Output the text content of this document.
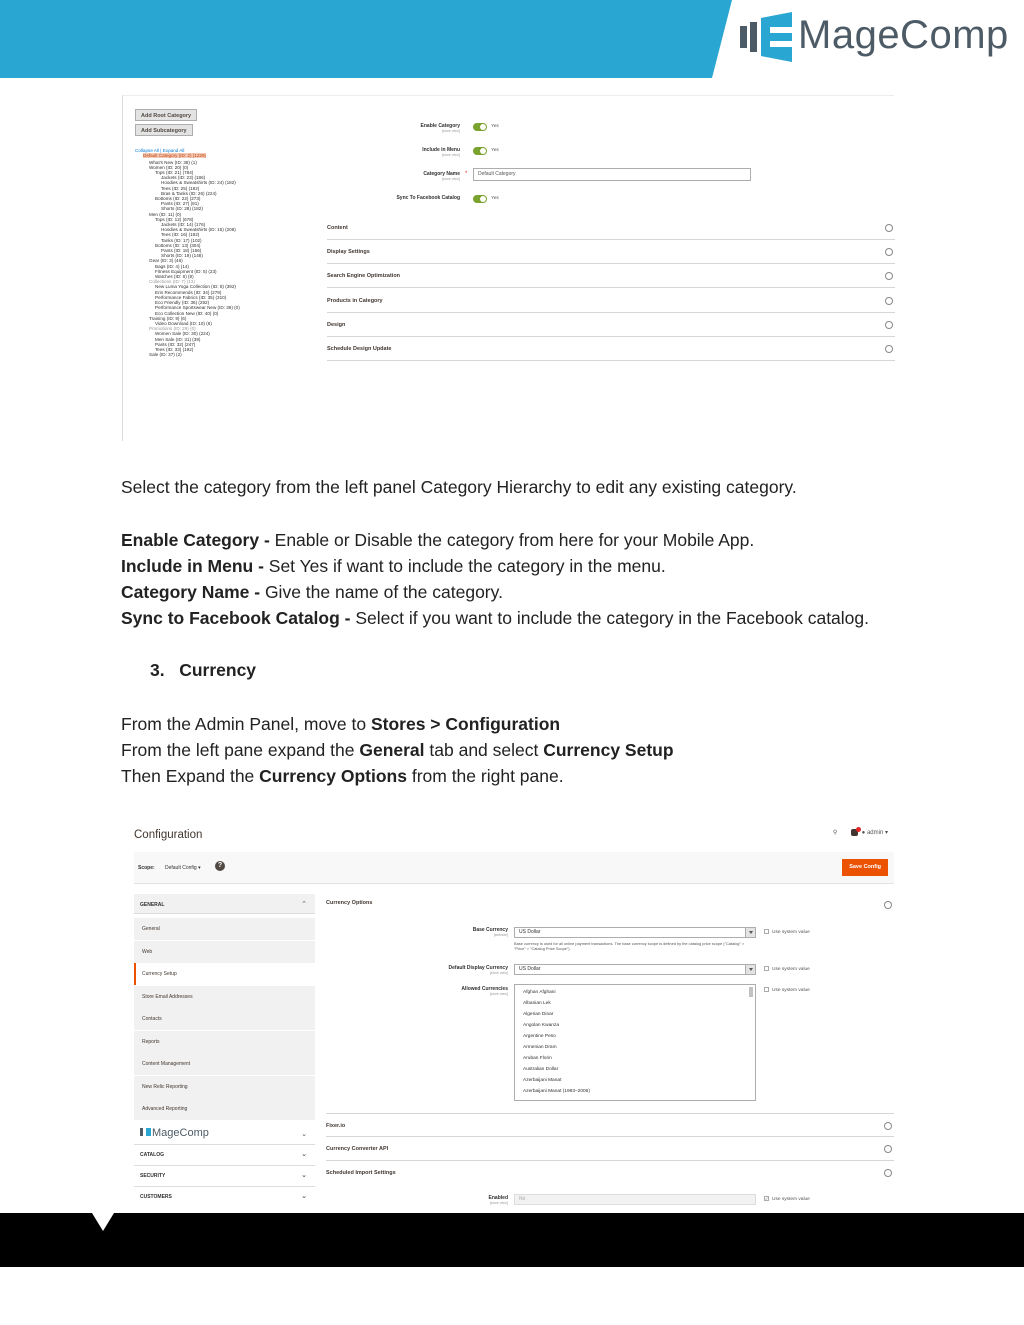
MageComp
Add Root Category
Add Subcategory
Collapse All | Expand All
Default Category (ID: 2) (1229)
What's New (ID: 38) (1)
Women (ID: 20) (0)
Tops (ID: 21) (784)
Jackets (ID: 23) (186)
Hoodies & Sweatshirts (ID: 24) (182)
Tees (ID: 25) (192)
Bras & Tanks (ID: 26) (224)
Bottoms (ID: 22) (273)
Pants (ID: 27) (91)
Shorts (ID: 28) (182)
Men (ID: 11) (0)
Tops (ID: 12) (678)
Jackets (ID: 14) (176)
Hoodies & Sweatshirts (ID: 15) (208)
Tees (ID: 16) (192)
Tanks (ID: 17) (102)
Bottoms (ID: 13) (304)
Pants (ID: 18) (156)
Shorts (ID: 19) (148)
Gear (ID: 3) (46)
Bags (ID: 4) (14)
Fitness Equipment (ID: 5) (23)
Watches (ID: 6) (9)
Collections (ID: 7) (13)
New Luma Yoga Collection (ID: 8) (392)
Erin Recommends (ID: 34) (279)
Performance Fabrics (ID: 35) (310)
Eco Friendly (ID: 36) (292)
Performance Sportswear New (ID: 39) (0)
Eco Collection New (ID: 40) (0)
Training (ID: 9) (6)
Video Download (ID: 10) (6)
Promotions (ID: 29) (0)
Women Sale (ID: 30) (224)
Men Sale (ID: 31) (39)
Pants (ID: 32) (247)
Tees (ID: 33) (192)
Sale (ID: 37) (2)
Enable Category
[store view]
Yes
Include in Menu
[store view]
Yes
Category Name
[store view]
*	Default Category
Sync To Facebook Catalog	Yes
Content
Display Settings
Search Engine Optimization
Products in Category
Design
Schedule Design Update
Select the category from the left panel Category Hierarchy to edit any existing category.
Enable Category - Enable or Disable the category from here for your Mobile App.
Include in Menu - Set Yes if want to include the category in the menu.
Category Name - Give the name of the category.
Sync to Facebook Catalog - Select if you want to include the category in the Facebook catalog.
3. Currency
From the Admin Panel, move to Stores > Configuration
From the left pane expand the General tab and select Currency Setup
Then Expand the Currency Options from the right pane.
Configuration	⚲	● admin ▾
Scope: Default Config ▾	?	Save Config
GENERAL	⌃
General
Web
Currency Setup
Store Email Addresses
Contacts
Reports
Content Management
New Relic Reporting
Advanced Reporting
MageComp	⌄
CATALOG	⌄
SECURITY	⌄
CUSTOMERS	⌄
Currency Options
Base Currency
[website]	US Dollar	Use system value
Base currency is used for all online payment transactions. The base currency scope is defined by the catalog price scope ("Catalog" > "Price" > "Catalog Price Scope").
Default Display Currency
[store view]
US Dollar	Use system value
Allowed Currencies
[store view]	Afghan Afghani
Albanian Lek
Algerian Dinar
Angolan Kwanza
Argentine Peso
Armenian Dram
Aruban Florin
Australian Dollar
Azerbaijani Manat
Azerbaijani Manat (1993–2006)
Use system value
Fixer.io
Currency Converter API
Scheduled Import Settings
Enabled
[store view]
No	✓ Use system value
